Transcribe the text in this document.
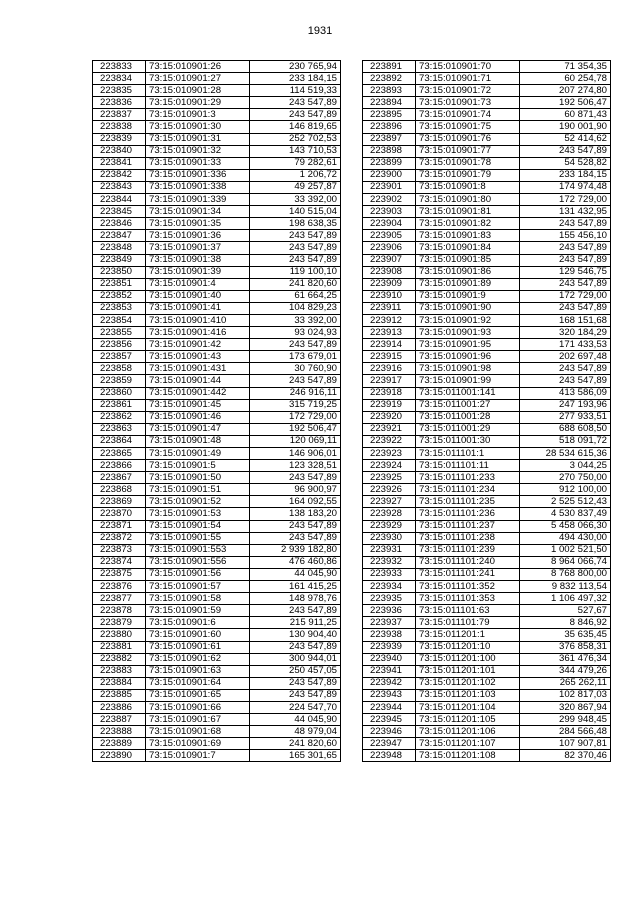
1931
223833	73:15:010901:26	230 765,94
223834	73:15:010901:27	233 184,15
223835	73:15:010901:28	114 519,33
223836	73:15:010901:29	243 547,89
223837	73:15:010901:3	243 547,89
223838	73:15:010901:30	146 819,65
223839	73:15:010901:31	252 702,53
223840	73:15:010901:32	143 710,53
223841	73:15:010901:33	79 282,61
223842	73:15:010901:336	1 206,72
223843	73:15:010901:338	49 257,87
223844	73:15:010901:339	33 392,00
223845	73:15:010901:34	140 515,04
223846	73:15:010901:35	198 638,35
223847	73:15:010901:36	243 547,89
223848	73:15:010901:37	243 547,89
223849	73:15:010901:38	243 547,89
223850	73:15:010901:39	119 100,10
223851	73:15:010901:4	241 820,60
223852	73:15:010901:40	61 664,25
223853	73:15:010901:41	104 829,23
223854	73:15:010901:410	33 392,00
223855	73:15:010901:416	93 024,93
223856	73:15:010901:42	243 547,89
223857	73:15:010901:43	173 679,01
223858	73:15:010901:431	30 760,90
223859	73:15:010901:44	243 547,89
223860	73:15:010901:442	246 916,11
223861	73:15:010901:45	315 719,25
223862	73:15:010901:46	172 729,00
223863	73:15:010901:47	192 506,47
223864	73:15:010901:48	120 069,11
223865	73:15:010901:49	146 906,01
223866	73:15:010901:5	123 328,51
223867	73:15:010901:50	243 547,89
223868	73:15:010901:51	96 900,97
223869	73:15:010901:52	164 092,55
223870	73:15:010901:53	138 183,20
223871	73:15:010901:54	243 547,89
223872	73:15:010901:55	243 547,89
223873	73:15:010901:553	2 939 182,80
223874	73:15:010901:556	476 460,86
223875	73:15:010901:56	44 045,90
223876	73:15:010901:57	161 415,25
223877	73:15:010901:58	148 978,76
223878	73:15:010901:59	243 547,89
223879	73:15:010901:6	215 911,25
223880	73:15:010901:60	130 904,40
223881	73:15:010901:61	243 547,89
223882	73:15:010901:62	300 944,01
223883	73:15:010901:63	250 457,05
223884	73:15:010901:64	243 547,89
223885	73:15:010901:65	243 547,89
223886	73:15:010901:66	224 547,70
223887	73:15:010901:67	44 045,90
223888	73:15:010901:68	48 979,04
223889	73:15:010901:69	241 820,60
223890	73:15:010901:7	165 301,65
223891	73:15:010901:70	71 354,35
223892	73:15:010901:71	60 254,78
223893	73:15:010901:72	207 274,80
223894	73:15:010901:73	192 506,47
223895	73:15:010901:74	60 871,43
223896	73:15:010901:75	190 001,90
223897	73:15:010901:76	52 414,62
223898	73:15:010901:77	243 547,89
223899	73:15:010901:78	54 528,82
223900	73:15:010901:79	233 184,15
223901	73:15:010901:8	174 974,48
223902	73:15:010901:80	172 729,00
223903	73:15:010901:81	131 432,95
223904	73:15:010901:82	243 547,89
223905	73:15:010901:83	155 456,10
223906	73:15:010901:84	243 547,89
223907	73:15:010901:85	243 547,89
223908	73:15:010901:86	129 546,75
223909	73:15:010901:89	243 547,89
223910	73:15:010901:9	172 729,00
223911	73:15:010901:90	243 547,89
223912	73:15:010901:92	168 151,68
223913	73:15:010901:93	320 184,29
223914	73:15:010901:95	171 433,53
223915	73:15:010901:96	202 697,48
223916	73:15:010901:98	243 547,89
223917	73:15:010901:99	243 547,89
223918	73:15:011001:141	413 586,09
223919	73:15:011001:27	247 193,96
223920	73:15:011001:28	277 933,51
223921	73:15:011001:29	688 608,50
223922	73:15:011001:30	518 091,72
223923	73:15:011101:1	28 534 615,36
223924	73:15:011101:11	3 044,25
223925	73:15:011101:233	270 750,00
223926	73:15:011101:234	912 100,00
223927	73:15:011101:235	2 525 512,43
223928	73:15:011101:236	4 530 837,49
223929	73:15:011101:237	5 458 066,30
223930	73:15:011101:238	494 430,00
223931	73:15:011101:239	1 002 521,50
223932	73:15:011101:240	8 964 066,74
223933	73:15:011101:241	8 768 800,00
223934	73:15:011101:352	9 832 113,54
223935	73:15:011101:353	1 106 497,32
223936	73:15:011101:63	527,67
223937	73:15:011101:79	8 846,92
223938	73:15:011201:1	35 635,45
223939	73:15:011201:10	376 858,31
223940	73:15:011201:100	361 476,34
223941	73:15:011201:101	344 479,26
223942	73:15:011201:102	265 262,11
223943	73:15:011201:103	102 817,03
223944	73:15:011201:104	320 867,94
223945	73:15:011201:105	299 948,45
223946	73:15:011201:106	284 566,48
223947	73:15:011201:107	107 907,81
223948	73:15:011201:108	82 370,46
